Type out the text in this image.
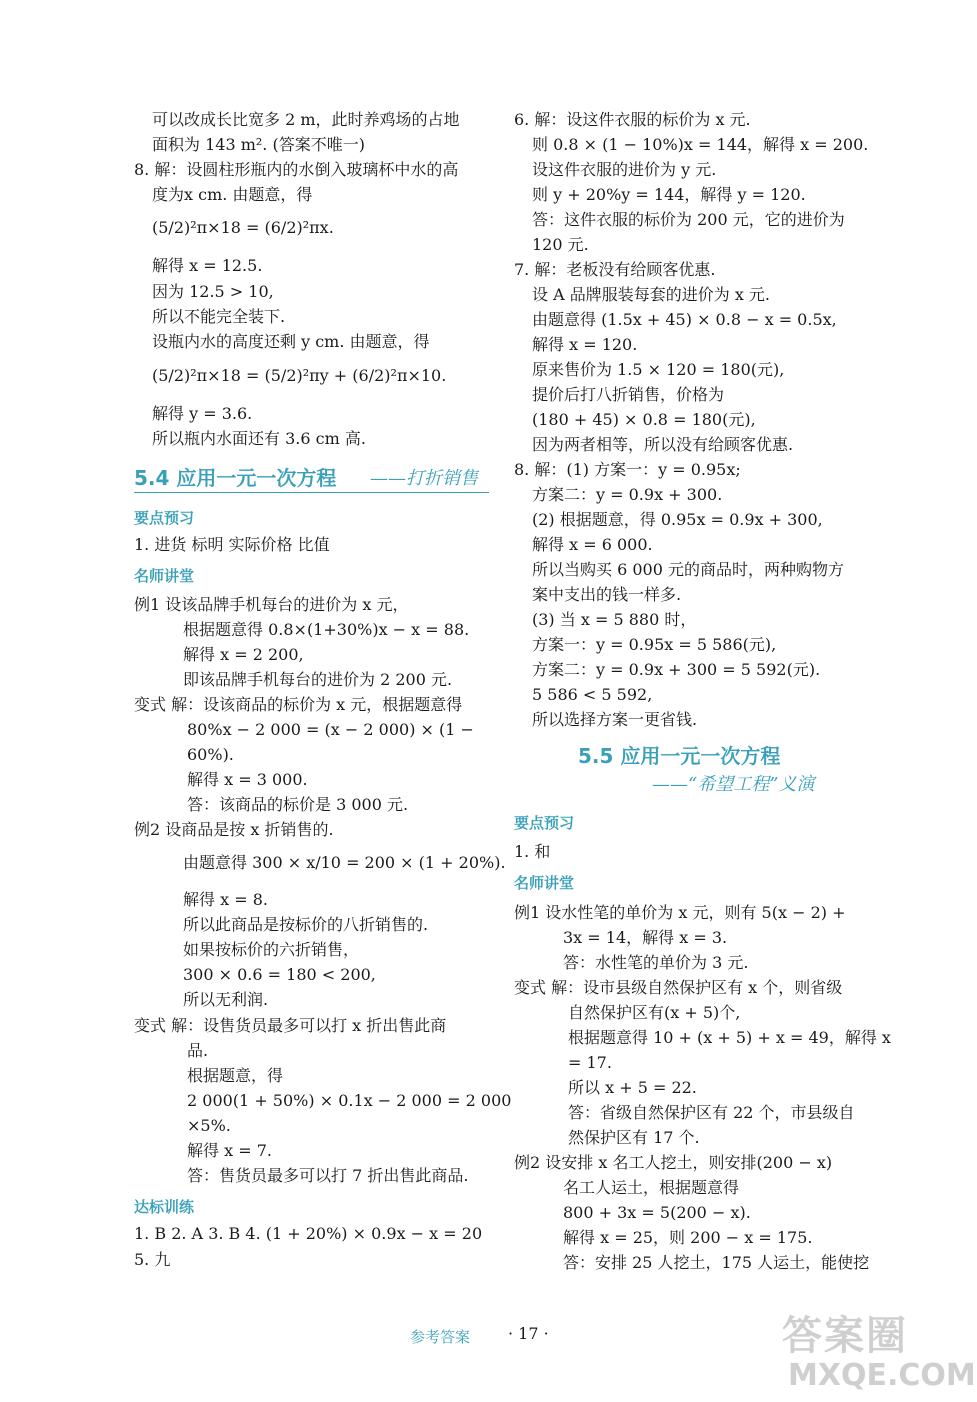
可以改成长比宽多 2 m，此时养鸡场的占地
面积为 143 m². (答案不唯一)
8. 解：设圆柱形瓶内的水倒入玻璃杯中水的高
度为x cm. 由题意，得
(5/2)²π×18 = (6/2)²πx.
解得 x = 12.5.
因为 12.5 > 10,
所以不能完全装下.
设瓶内水的高度还剩 y cm. 由题意，得
(5/2)²π×18 = (5/2)²πy + (6/2)²π×10.
解得 y = 3.6.
所以瓶内水面还有 3.6 cm 高.
5.4 应用一元一次方程 ——打折销售
要点预习
1. 进货 标明 实际价格 比值
名师讲堂
例1 设该品牌手机每台的进价为 x 元，
根据题意得 0.8×(1+30%)x − x = 88.
解得 x = 2 200,
即该品牌手机每台的进价为 2 200 元.
变式 解：设该商品的标价为 x 元，根据题意得
80%x − 2 000 = (x − 2 000) × (1 −
60%).
解得 x = 3 000.
答：该商品的标价是 3 000 元.
例2 设商品是按 x 折销售的.
由题意得 300 × x/10 = 200 × (1 + 20%).
解得 x = 8.
所以此商品是按标价的八折销售的.
如果按标价的六折销售，
300 × 0.6 = 180 < 200,
所以无利润.
变式 解：设售货员最多可以打 x 折出售此商
品.
根据题意，得
2 000(1 + 50%) × 0.1x − 2 000 = 2 000
×5%.
解得 x = 7.
答：售货员最多可以打 7 折出售此商品.
达标训练
1. B 2. A 3. B 4. (1 + 20%) × 0.9x − x = 20
5. 九
6. 解：设这件衣服的标价为 x 元.
则 0.8 × (1 − 10%)x = 144，解得 x = 200.
设这件衣服的进价为 y 元.
则 y + 20%y = 144，解得 y = 120.
答：这件衣服的标价为 200 元，它的进价为
120 元.
7. 解：老板没有给顾客优惠.
设 A 品牌服装每套的进价为 x 元.
由题意得 (1.5x + 45) × 0.8 − x = 0.5x,
解得 x = 120.
原来售价为 1.5 × 120 = 180(元),
提价后打八折销售，价格为
(180 + 45) × 0.8 = 180(元),
因为两者相等，所以没有给顾客优惠.
8. 解：(1) 方案一：y = 0.95x;
方案二：y = 0.9x + 300.
(2) 根据题意，得 0.95x = 0.9x + 300,
解得 x = 6 000.
所以当购买 6 000 元的商品时，两种购物方
案中支出的钱一样多.
(3) 当 x = 5 880 时，
方案一：y = 0.95x = 5 586(元),
方案二：y = 0.9x + 300 = 5 592(元).
5 586 < 5 592,
所以选择方案一更省钱.
5.5 应用一元一次方程
——“希望工程”义演
要点预习
1. 和
名师讲堂
例1 设水性笔的单价为 x 元，则有 5(x − 2) +
3x = 14，解得 x = 3.
答：水性笔的单价为 3 元.
变式 解：设市县级自然保护区有 x 个，则省级
自然保护区有(x + 5)个,
根据题意得 10 + (x + 5) + x = 49，解得 x
= 17.
所以 x + 5 = 22.
答：省级自然保护区有 22 个，市县级自
然保护区有 17 个.
例2 设安排 x 名工人挖土，则安排(200 − x)
名工人运土，根据题意得
800 + 3x = 5(200 − x).
解得 x = 25，则 200 − x = 175.
答：安排 25 人挖土，175 人运土，能使挖
参考答案 · 17 ·	答案圈
MXQE.COM
